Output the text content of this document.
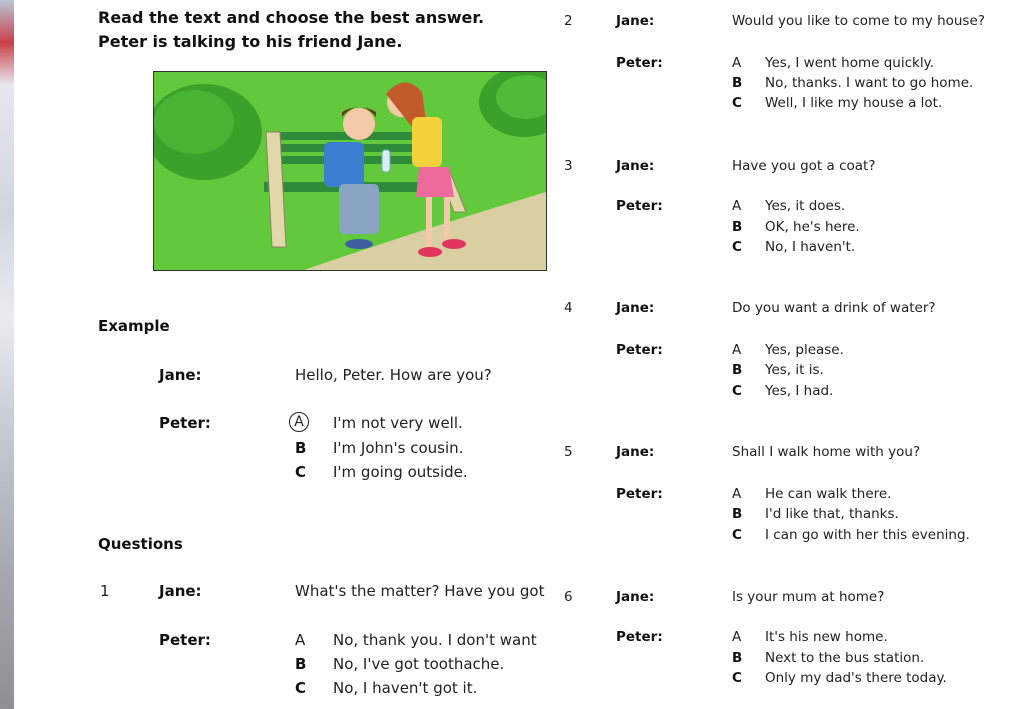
Read the text and choose the best answer.
Peter is talking to his friend Jane.
Example
Jane:	Hello, Peter. How are you?
Peter:	A	I'm not very well.
B I'm John's cousin.
C I'm going outside.
Questions
1	Jane:	What's the matter? Have you got
Peter:	A No, thank you. I don't want
B No, I've got toothache.
C No, I haven't got it.
2	Jane:	Would you like to come to my house?
Peter:	A Yes, I went home quickly.
B No, thanks. I want to go home.
C Well, I like my house a lot.
3	Jane:	Have you got a coat?
Peter:	A Yes, it does.
B OK, he's here.
C No, I haven't.
4	Jane:	Do you want a drink of water?
Peter:	A Yes, please.
B Yes, it is.
C Yes, I had.
5	Jane:	Shall I walk home with you?
Peter:	A He can walk there.
B I'd like that, thanks.
C I can go with her this evening.
6	Jane:	Is your mum at home?
Peter:	A It's his new home.
B Next to the bus station.
C Only my dad's there today.
